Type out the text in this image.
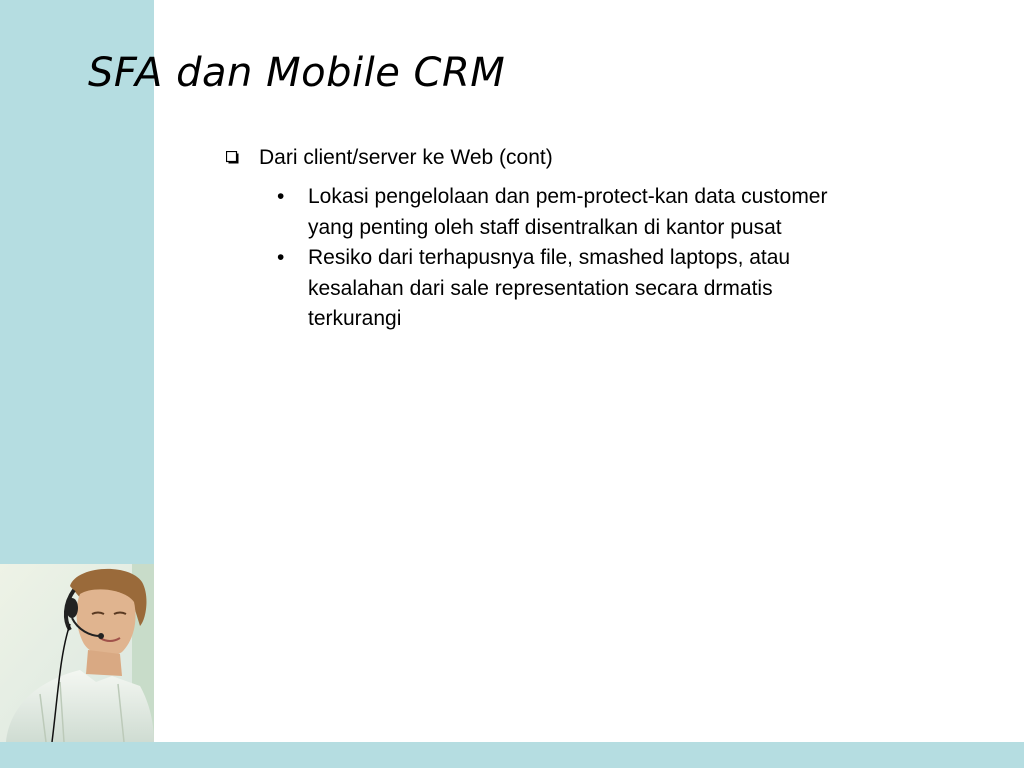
SFA dan Mobile CRM
Dari client/server ke Web (cont)
•	Lokasi pengelolaan dan pem-protect-kan data customer yang penting oleh staff disentralkan di kantor pusat
•	Resiko dari terhapusnya file, smashed laptops, atau kesalahan dari sale representation secara drmatis terkurangi
